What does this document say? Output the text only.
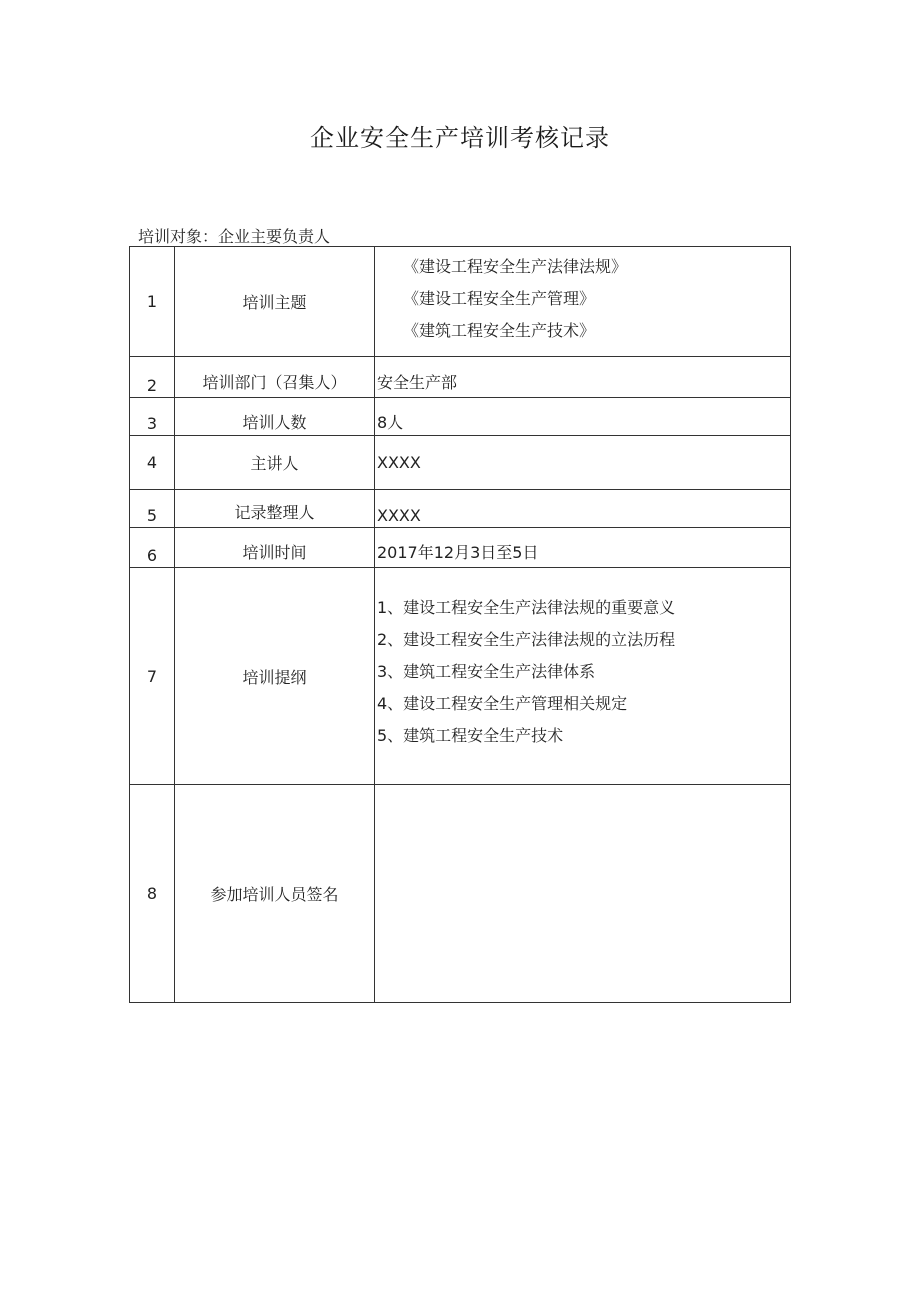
企业安全生产培训考核记录
培训对象：企业主要负责人
1	培训主题	《建设工程安全生产法律法规》
《建设工程安全生产管理》
《建筑工程安全生产技术》

2	培训部门（召集人）	安全生产部
3	培训人数	8人
4	主讲人	XXXX
5	记录整理人	XXXX
6	培训时间	2017年12月3日至5日
7	培训提纲	1、建设工程安全生产法律法规的重要意义
2、建设工程安全生产法律法规的立法历程
3、建筑工程安全生产法律体系
4、建设工程安全生产管理相关规定
5、建筑工程安全生产技术

8	参加培训人员签名	
